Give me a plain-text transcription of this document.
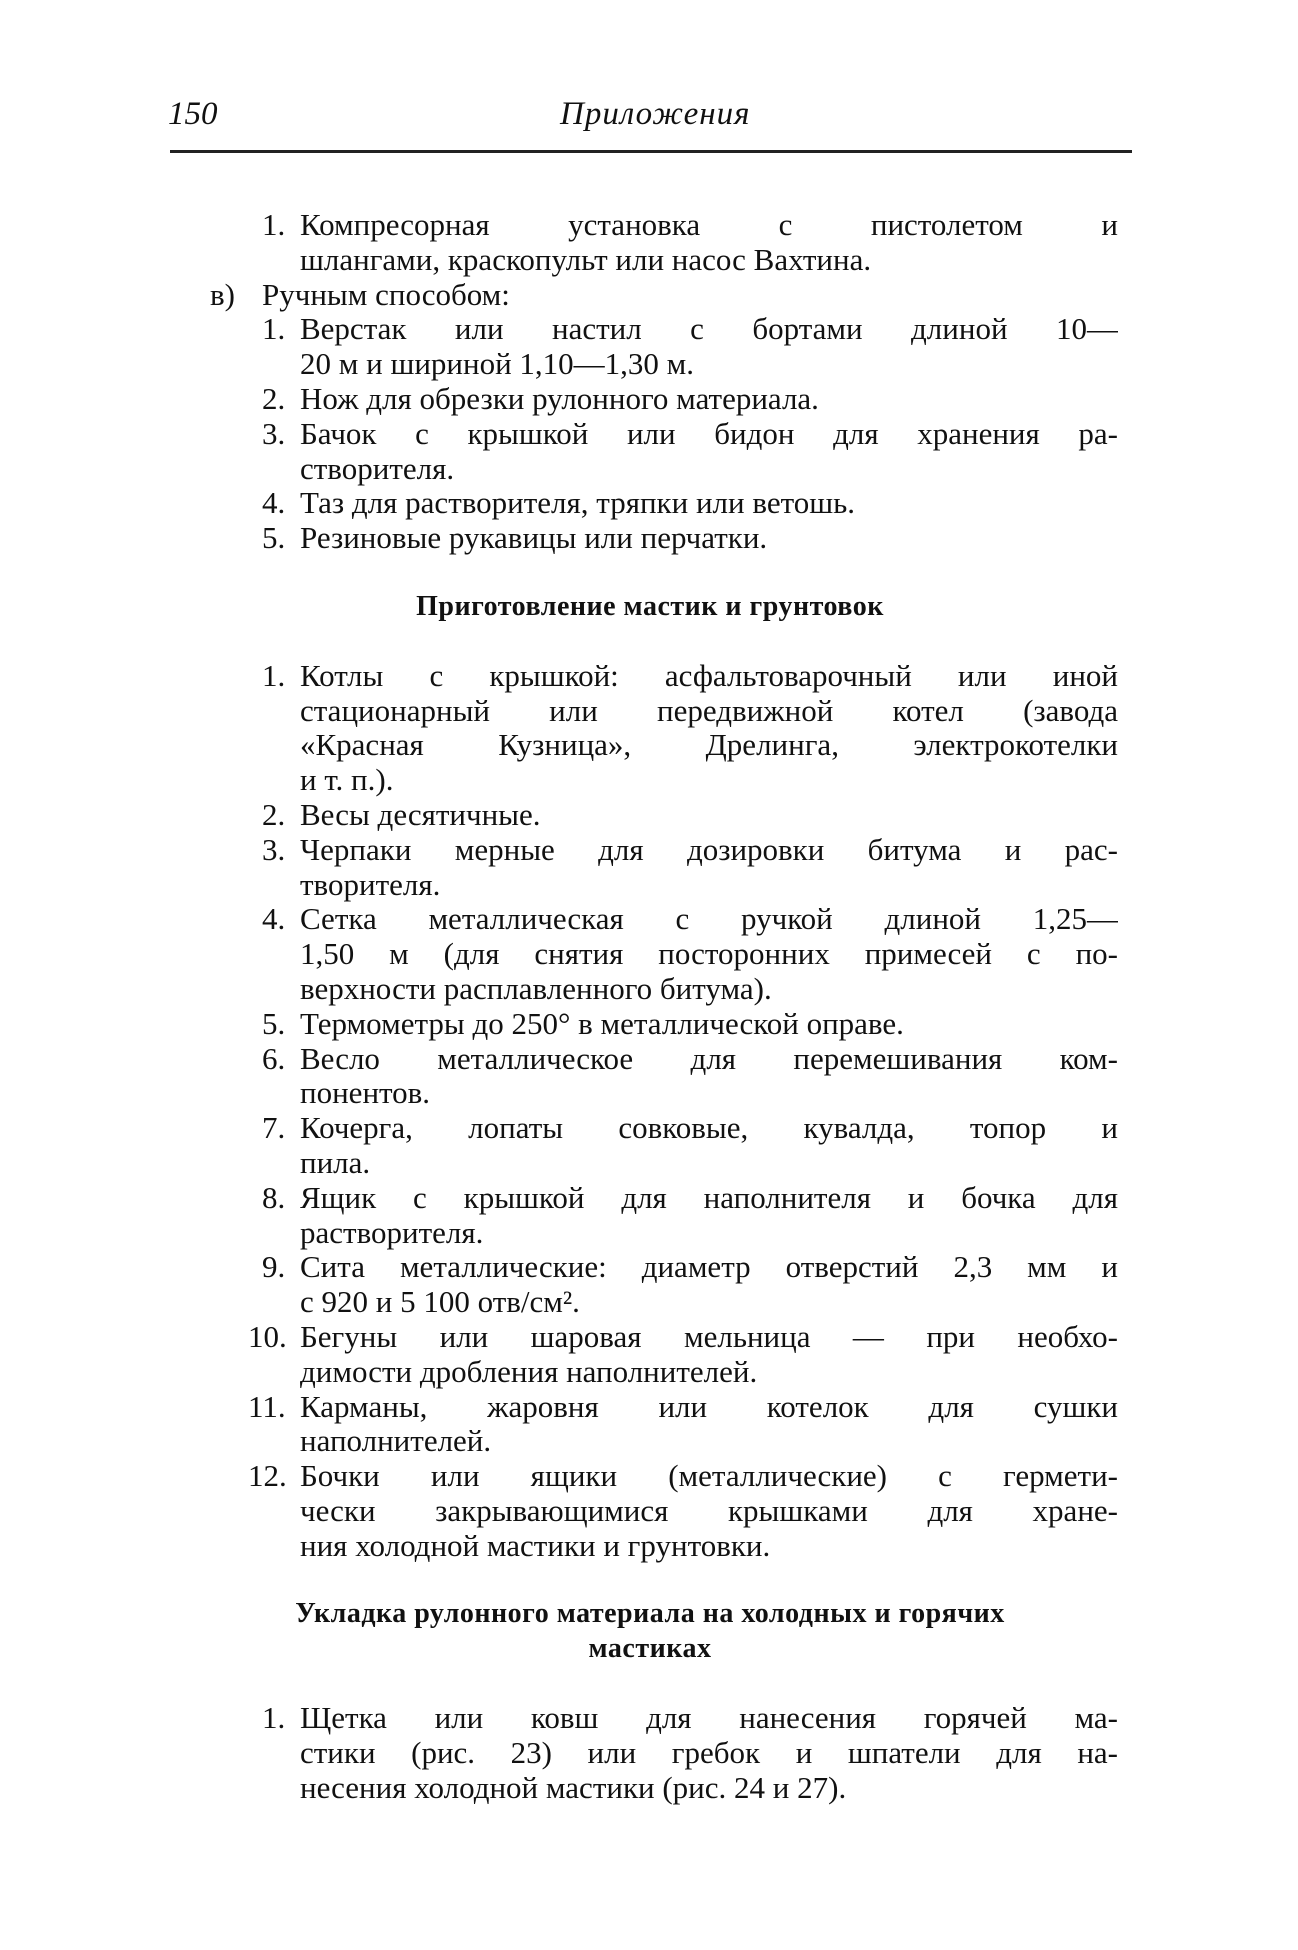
150	Приложения
1. Компресорная установка с пистолетом и
шлангами, краскопульт или насос Вахтина.
в) Ручным способом:
1. Верстак или настил с бортами длиной 10—
20 м и шириной 1,10—1,30 м.
2. Нож для обрезки рулонного материала.
3. Бачок с крышкой или бидон для хранения ра-
створителя.
4. Таз для растворителя, тряпки или ветошь.
5. Резиновые рукавицы или перчатки.
Приготовление мастик и грунтовок
1. Котлы с крышкой: асфальтоварочный или иной
стационарный или передвижной котел (завода
«Красная Кузница», Дрелинга, электрокотелки
и т. п.).
2. Весы десятичные.
3. Черпаки мерные для дозировки битума и рас-
творителя.
4. Сетка металлическая с ручкой длиной 1,25—
1,50 м (для снятия посторонних примесей с по-
верхности расплавленного битума).
5. Термометры до 250° в металлической оправе.
6. Весло металлическое для перемешивания ком-
понентов.
7. Кочерга, лопаты совковые, кувалда, топор и
пила.
8. Ящик с крышкой для наполнителя и бочка для
растворителя.
9. Сита металлические: диаметр отверстий 2,3 мм и
с 920 и 5 100 отв/см².
10. Бегуны или шаровая мельница — при необхо-
димости дробления наполнителей.
11. Карманы, жаровня или котелок для сушки
наполнителей.
12. Бочки или ящики (металлические) с гермети-
чески закрывающимися крышками для хране-
ния холодной мастики и грунтовки.
Укладка рулонного материала на холодных и горячих
мастиках
1. Щетка или ковш для нанесения горячей ма-
стики (рис. 23) или гребок и шпатели для на-
несения холодной мастики (рис. 24 и 27).
